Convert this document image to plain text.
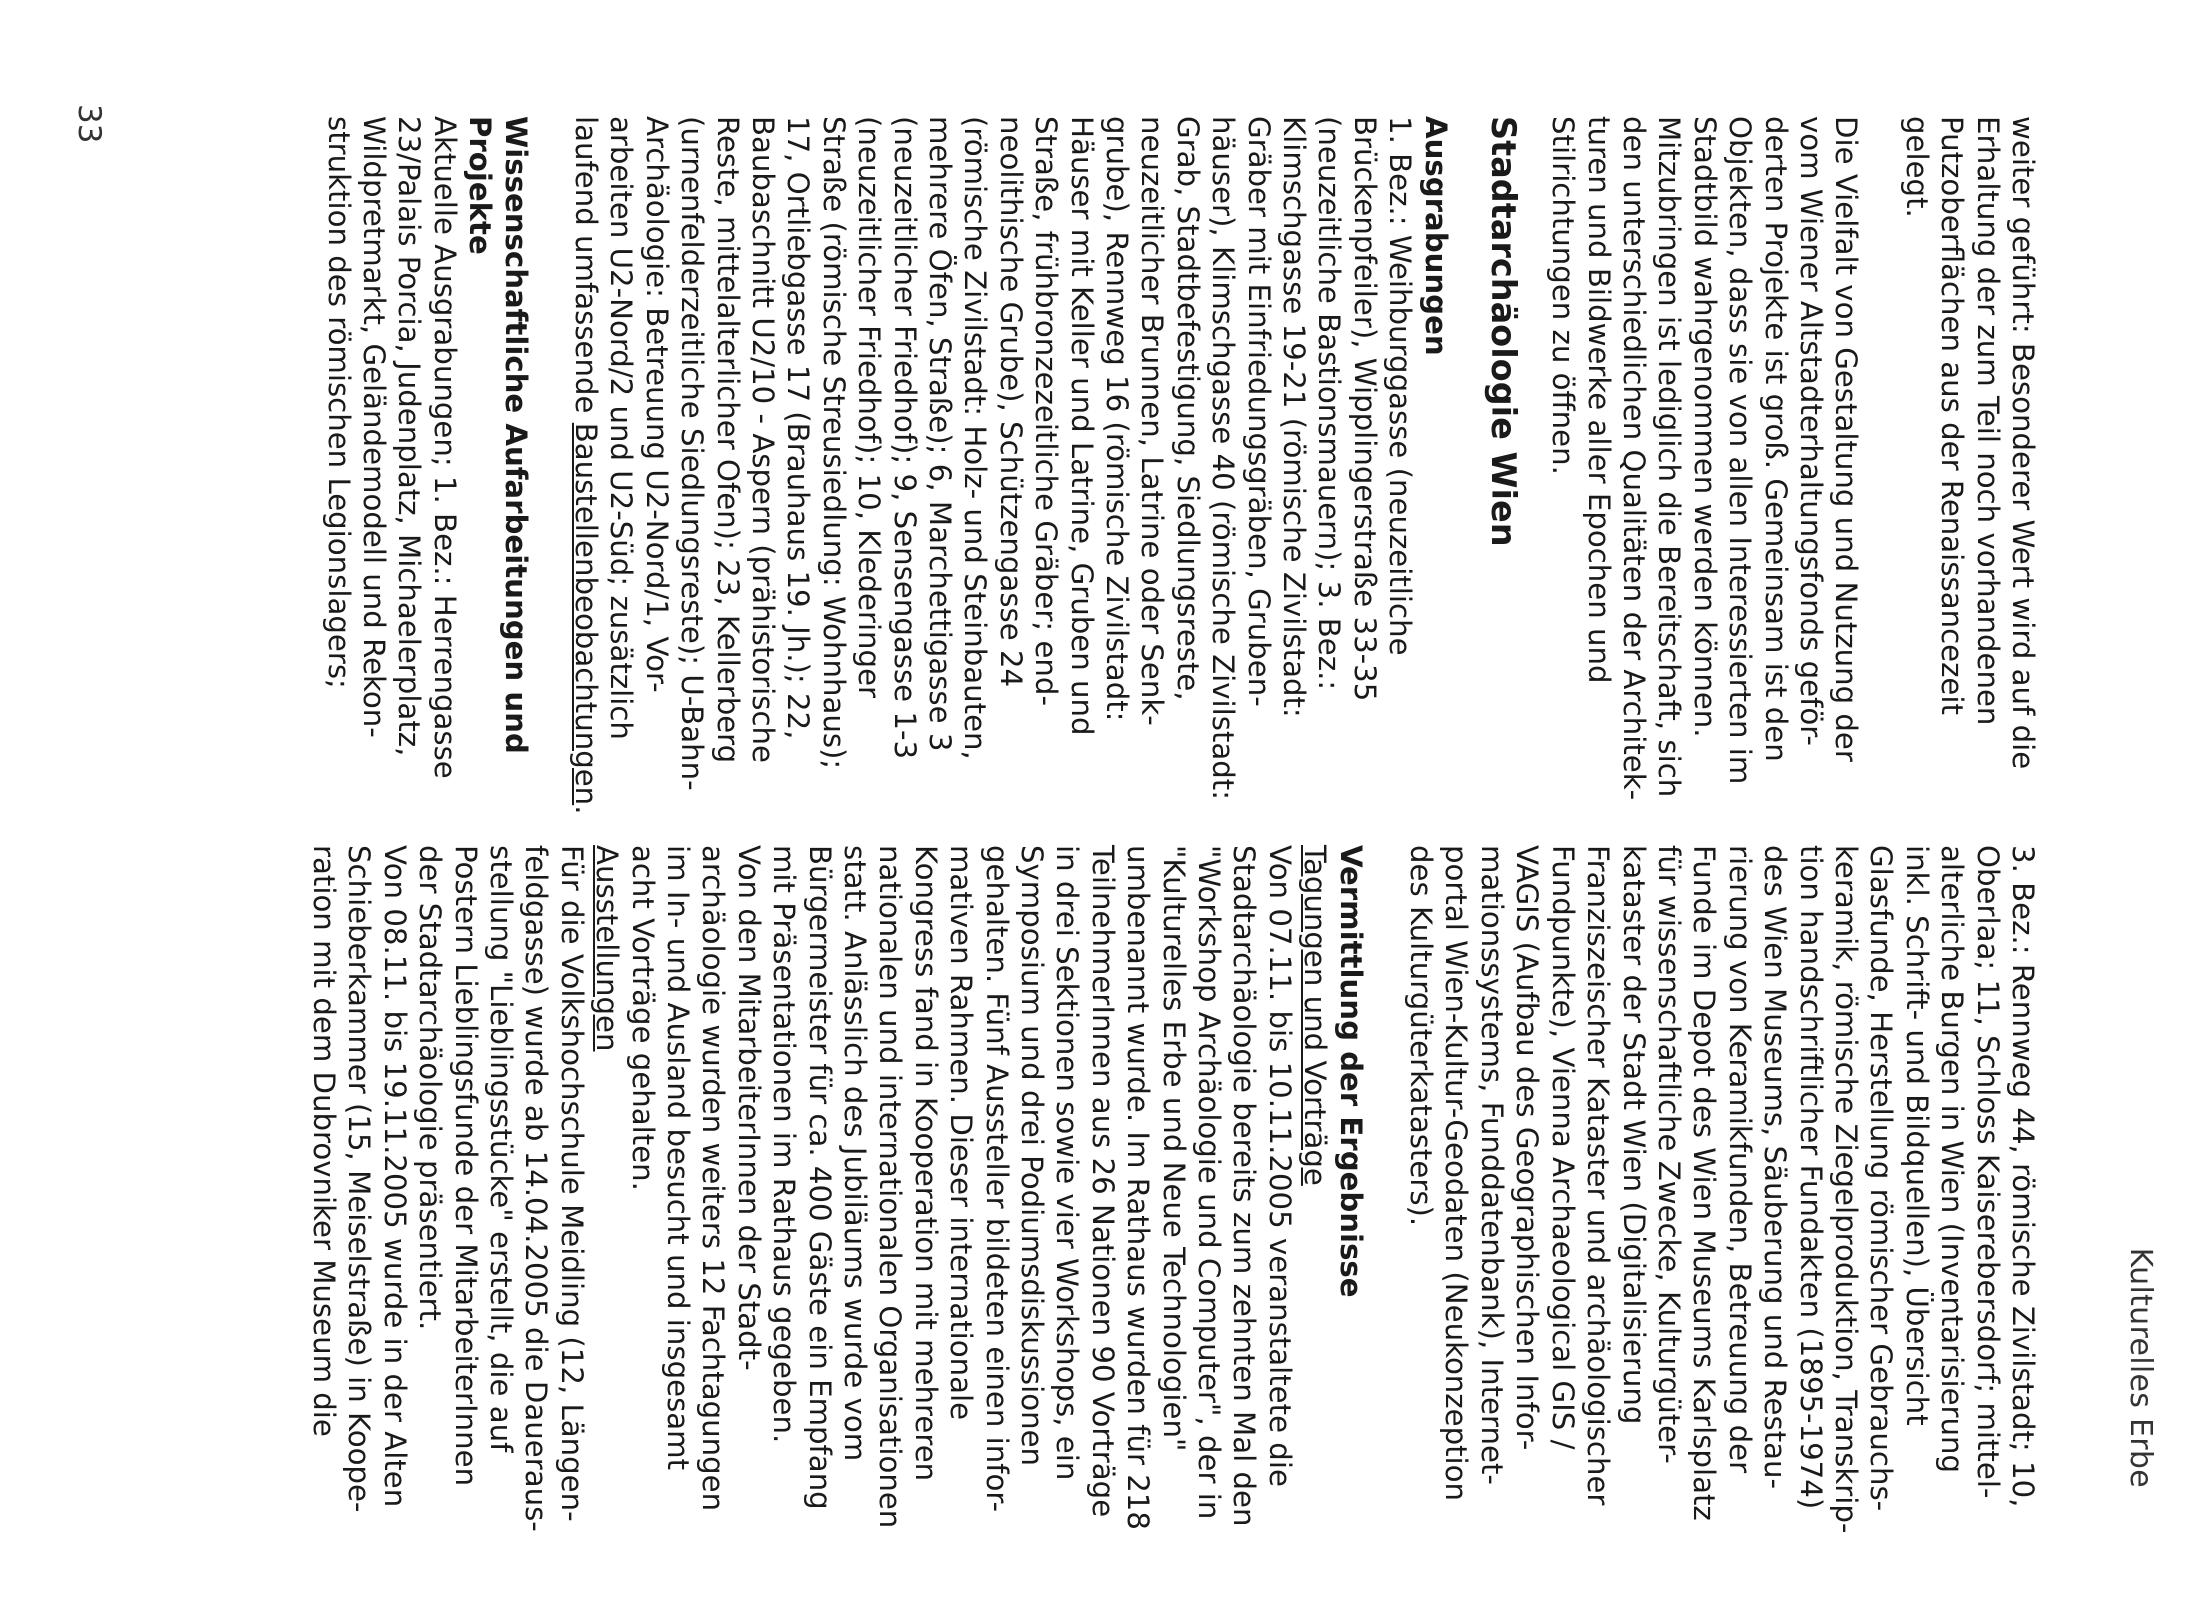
Kulturelles Erbe
33	weiter geführt: Besonderer Wert wird auf die

Erhaltung der zum Teil noch vorhandenen

Putzoberflächen aus der Renaissancezeit

gelegt.

Die Vielfalt von Gestaltung und Nutzung der

vom Wiener Altstadterhaltungsfonds geför-

derten Projekte ist groß. Gemeinsam ist den

Objekten, dass sie von allen Interessierten im

Stadtbild wahrgenommen werden können.

Mitzubringen ist lediglich die Bereitschaft, sich

den unterschiedlichen Qualitäten der Architek-

turen und Bildwerke aller Epochen und

Stilrichtungen zu öffnen.

Stadtarchäologie Wien

Ausgrabungen

1. Bez.: Weihburggasse (neuzeitliche

Brückenpfeiler), Wipplingerstraße 33-35

(neuzeitliche Bastionsmauern); 3. Bez.:

Klimschgasse 19-21 (römische Zivilstadt:

Gräber mit Einfriedungsgräben, Gruben-

häuser), Klimschgasse 40 (römische Zivilstadt:

Grab, Stadtbefestigung, Siedlungsreste,

neuzeitlicher Brunnen, Latrine oder Senk-

grube), Rennweg 16 (römische Zivilstadt:

Häuser mit Keller und Latrine, Gruben und

Straße, frühbronzezeitliche Gräber; end-

neolithische Grube), Schützengasse 24

(römische Zivilstadt: Holz- und Steinbauten,

mehrere Öfen, Straße); 6, Marchettigasse 3

(neuzeitlicher Friedhof); 9, Sensengasse 1-3

(neuzeitlicher Friedhof); 10, Klederinger

Straße (römische Streusiedlung: Wohnhaus);

17, Ortliebgasse 17 (Brauhaus 19. Jh.); 22,

Baubaschnitt U2/10 - Aspern (prähistorische

Reste, mittelalterlicher Ofen); 23, Kellerberg

(urnenfelderzeitliche Siedlungsreste); U-Bahn-

Archäologie: Betreuung U2-Nord/1, Vor-

arbeiten U2-Nord/2 und U2-Süd; zusätzlich

laufend umfassende Baustellenbeobachtungen.

Wissenschaftliche Aufarbeitungen und

Projekte

Aktuelle Ausgrabungen; 1. Bez.: Herrengasse

23/Palais Porcia, Judenplatz, Michaelerplatz,

Wildpretmarkt, Geländemodell und Rekon-

struktion des römischen Legionslagers;

3. Bez.: Rennweg 44, römische Zivilstadt; 10,

Oberlaa; 11, Schloss Kaiserebersdorf; mittel-

alterliche Burgen in Wien (Inventarisierung

inkl. Schrift- und Bildquellen), Übersicht

Glasfunde, Herstellung römischer Gebrauchs-

keramik, römische Ziegelproduktion, Transkrip-

tion handschriftlicher Fundakten (1895-1974)

des Wien Museums, Säuberung und Restau-

rierung von Keramikfunden, Betreuung der

Funde im Depot des Wien Museums Karlsplatz

für wissenschaftliche Zwecke, Kulturgüter-

kataster der Stadt Wien (Digitalisierung

Franziszeischer Kataster und archäologischer

Fundpunkte), Vienna Archaeological GIS /

VAGIS (Aufbau des Geographischen Infor-

mationssystems, Funddatenbank), Internet-

portal Wien-Kultur-Geodaten (Neukonzeption

des Kulturgüterkatasters).

Vermittlung der Ergebnisse

Tagungen und Vorträge

Von 07.11. bis 10.11.2005 veranstaltete die

Stadtarchäologie bereits zum zehnten Mal den

"Workshop Archäologie und Computer", der in

"Kulturelles Erbe und Neue Technologien"

umbenannt wurde. Im Rathaus wurden für 218

TeilnehmerInnen aus 26 Nationen 90 Vorträge

in drei Sektionen sowie vier Workshops, ein

Symposium und drei Podiumsdiskussionen

gehalten. Fünf Aussteller bildeten einen infor-

mativen Rahmen. Dieser internationale

Kongress fand in Kooperation mit mehreren

nationalen und internationalen Organisationen

statt. Anlässlich des Jubiläums wurde vom

Bürgermeister für ca. 400 Gäste ein Empfang

mit Präsentationen im Rathaus gegeben.

Von den MitarbeiterInnen der Stadt-

archäologie wurden weiters 12 Fachtagungen

im In- und Ausland besucht und insgesamt

acht Vorträge gehalten.

Ausstellungen

Für die Volkshochschule Meidling (12, Längen-

feldgasse) wurde ab 14.04.2005 die Daueraus-

stellung "Lieblingsstücke" erstellt, die auf

Postern Lieblingsfunde der MitarbeiterInnen

der Stadtarchäologie präsentiert.

Von 08.11. bis 19.11.2005 wurde in der Alten

Schieberkammer (15, Meiselstraße) in Koope-

ration mit dem Dubrovniker Museum die
